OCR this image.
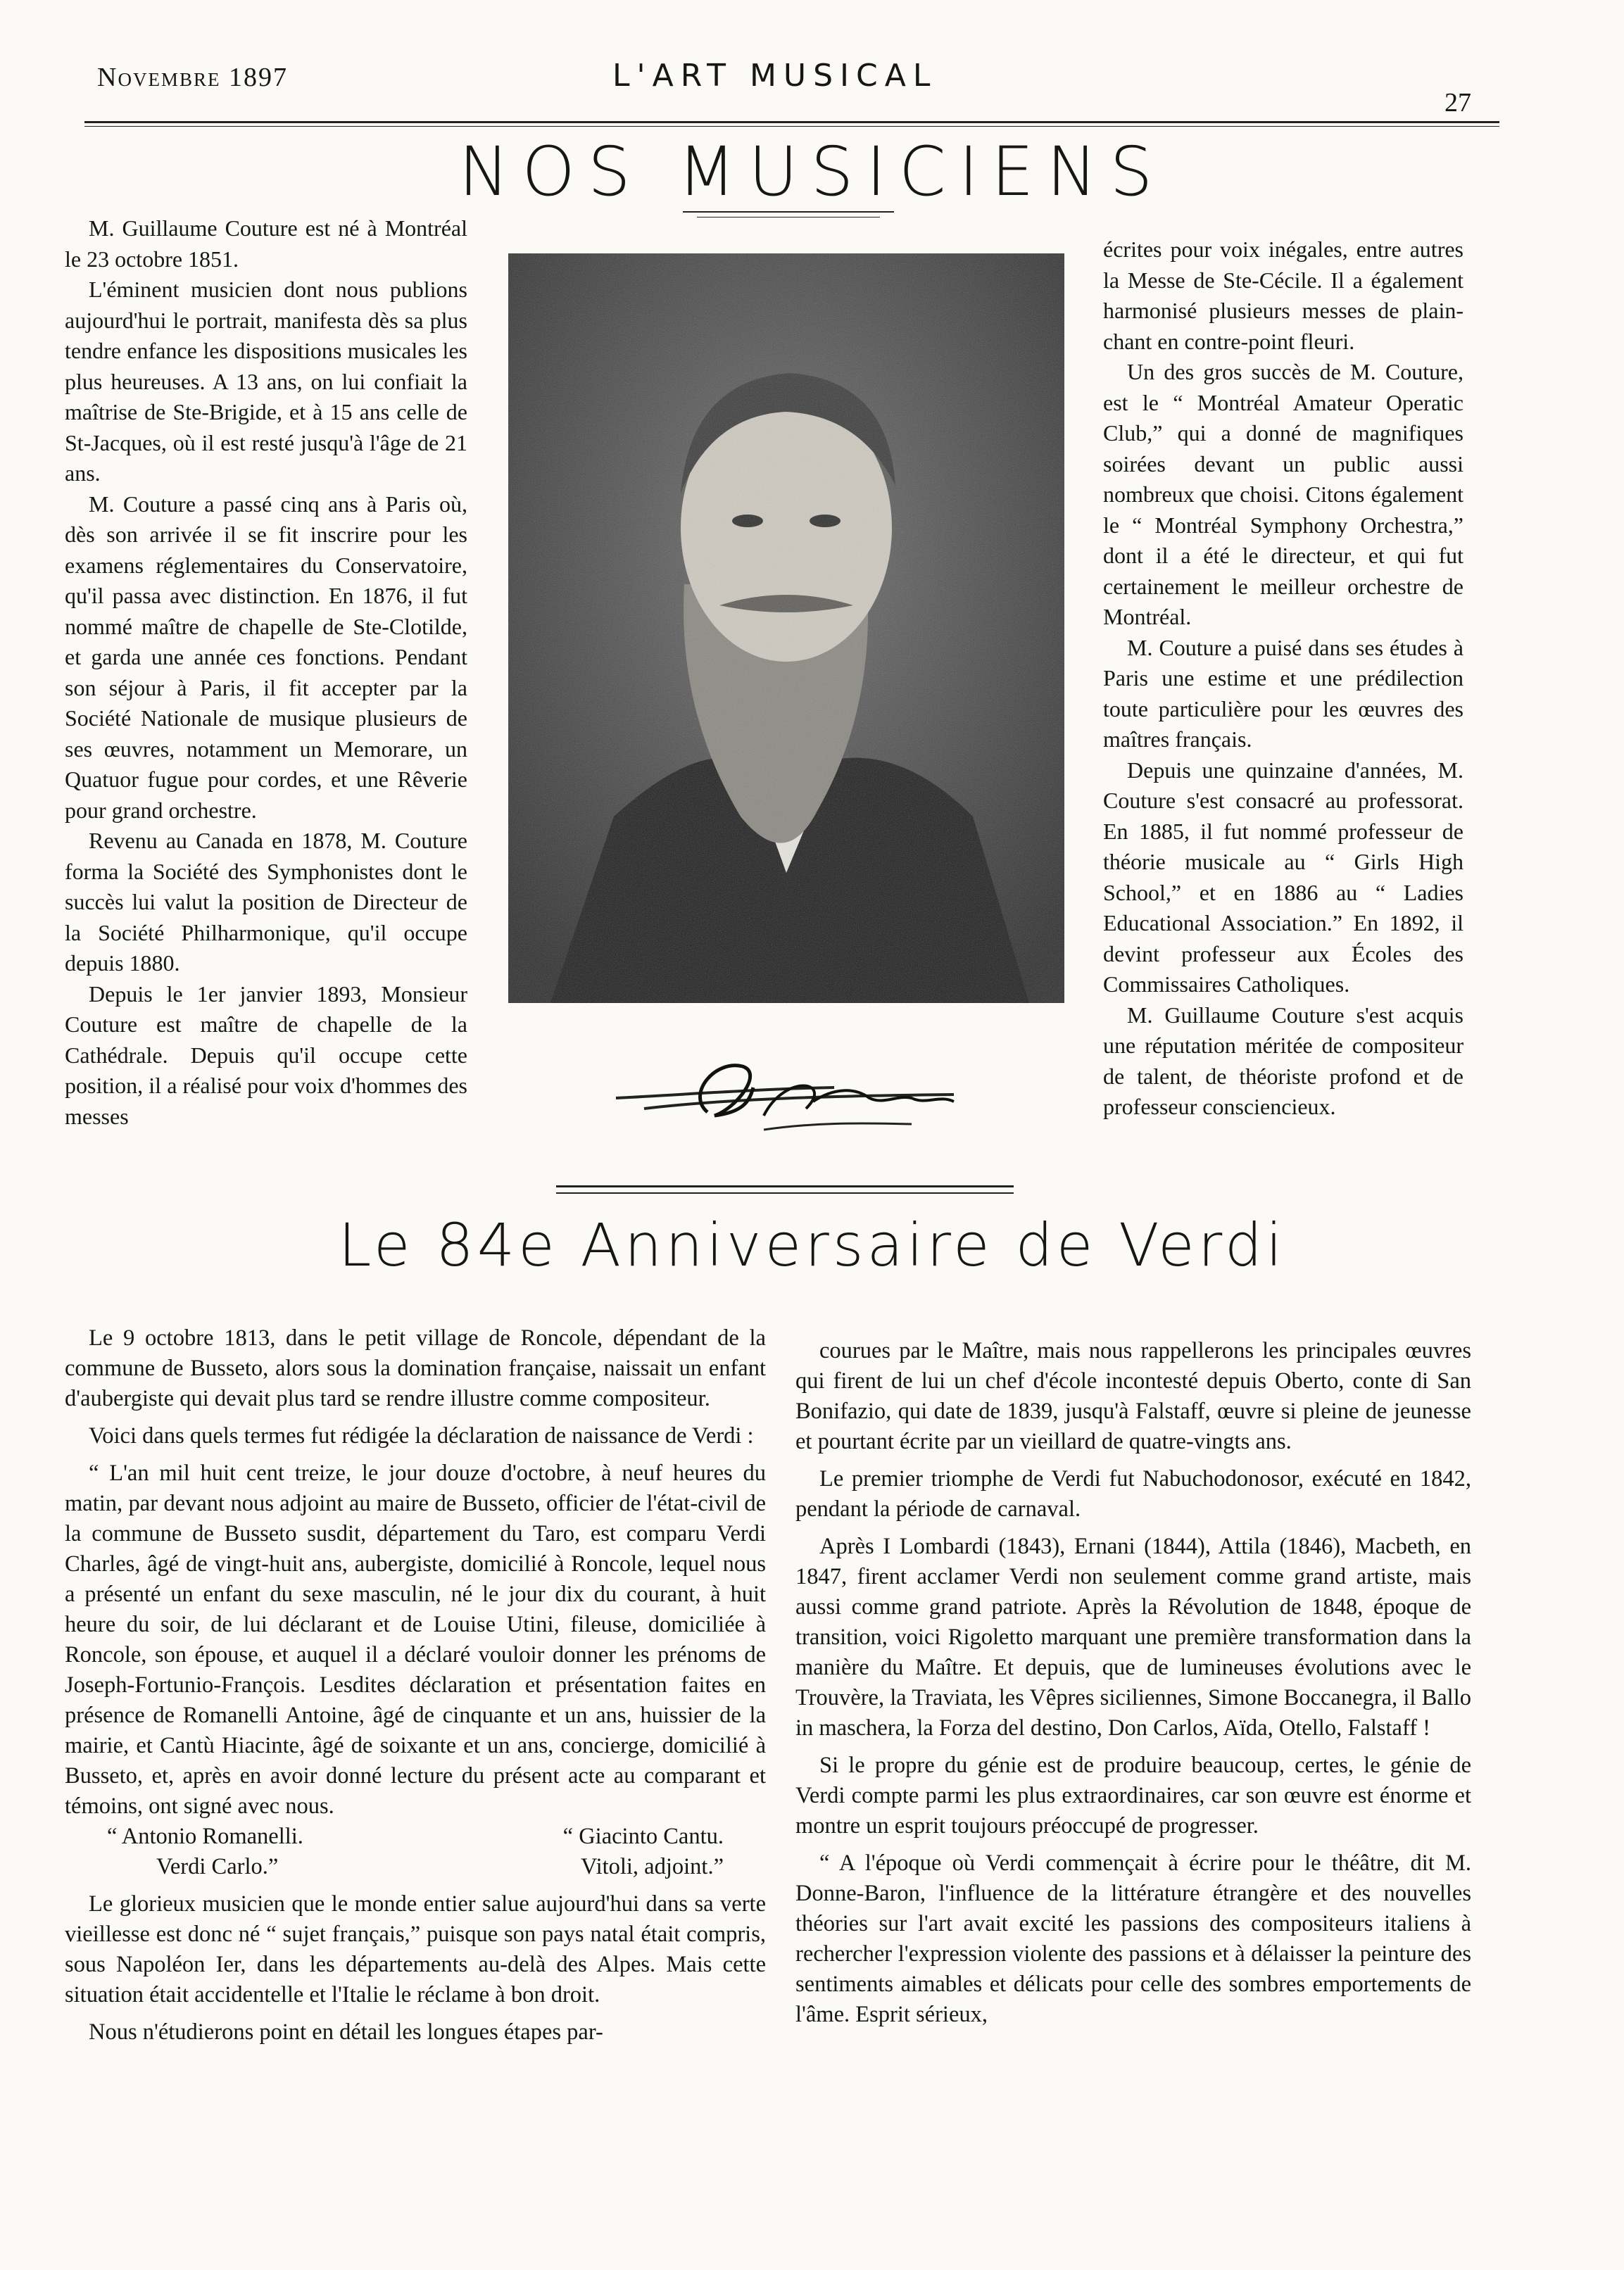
Novembre 1897	L'ART MUSICAL
27
NOS MUSICIENS

M. Guillaume Couture est né à Montréal le 23 octobre 1851.

L'éminent musicien dont nous publions aujourd'hui le portrait, manifesta dès sa plus tendre enfance les dispositions musicales les plus heureuses. A 13 ans, on lui confiait la maîtrise de Ste-Brigide, et à 15 ans celle de St-Jacques, où il est resté jusqu'à l'âge de 21 ans.

M. Couture a passé cinq ans à Paris où, dès son arrivée il se fit inscrire pour les examens réglementaires du Conservatoire, qu'il passa avec distinction. En 1876, il fut nommé maître de chapelle de Ste-Clotilde, et garda une année ces fonctions. Pendant son séjour à Paris, il fit accepter par la Société Nationale de musique plusieurs de ses œuvres, notamment un Memorare, un Quatuor fugue pour cordes, et une Rêverie pour grand orchestre.

Revenu au Canada en 1878, M. Couture forma la Société des Symphonistes dont le succès lui valut la position de Directeur de la Société Philharmonique, qu'il occupe depuis 1880.

Depuis le 1er janvier 1893, Monsieur Couture est maître de chapelle de la Cathédrale. Depuis qu'il occupe cette position, il a réalisé pour voix d'hommes des messes

écrites pour voix inégales, entre autres la Messe de Ste-Cécile. Il a également harmonisé plusieurs messes de plain-chant en contre-point fleuri.

Un des gros succès de M. Couture, est le “ Montréal Amateur Operatic Club,” qui a donné de magnifiques soirées devant un public aussi nombreux que choisi. Citons également le “ Montréal Symphony Orchestra,” dont il a été le directeur, et qui fut certainement le meilleur orchestre de Montréal.

M. Couture a puisé dans ses études à Paris une estime et une prédilection toute particulière pour les œuvres des maîtres français.

Depuis une quinzaine d'années, M. Couture s'est consacré au professorat. En 1885, il fut nommé professeur de théorie musicale au “ Girls High School,” et en 1886 au “ Ladies Educational Association.” En 1892, il devint professeur aux Écoles des Commissaires Catholiques.

M. Guillaume Couture s'est acquis une réputation méritée de compositeur de talent, de théoriste profond et de professeur consciencieux.

Le 84e Anniversaire de Verdi

Le 9 octobre 1813, dans le petit village de Roncole, dépendant de la commune de Busseto, alors sous la domination française, naissait un enfant d'aubergiste qui devait plus tard se rendre illustre comme compositeur.

Voici dans quels termes fut rédigée la déclaration de naissance de Verdi :

“ L'an mil huit cent treize, le jour douze d'octobre, à neuf heures du matin, par devant nous adjoint au maire de Busseto, officier de l'état-civil de la commune de Busseto susdit, département du Taro, est comparu Verdi Charles, âgé de vingt-huit ans, aubergiste, domicilié à Roncole, lequel nous a présenté un enfant du sexe masculin, né le jour dix du courant, à huit heure du soir, de lui déclarant et de Louise Utini, fileuse, domiciliée à Roncole, son épouse, et auquel il a déclaré vouloir donner les prénoms de Joseph-Fortunio-François. Lesdites déclaration et présentation faites en présence de Romanelli Antoine, âgé de cinquante et un ans, huissier de la mairie, et Cantù Hiacinte, âgé de soixante et un ans, concierge, domicilié à Busseto, et, après en avoir donné lecture du présent acte au comparant et témoins, ont signé avec nous.

“ Antonio Romanelli.	“ Giacinto Cantu.
Verdi Carlo.”	Vitoli, adjoint.”

Le glorieux musicien que le monde entier salue aujourd'hui dans sa verte vieillesse est donc né “ sujet français,” puisque son pays natal était compris, sous Napoléon Ier, dans les départements au-delà des Alpes. Mais cette situation était accidentelle et l'Italie le réclame à bon droit.

Nous n'étudierons point en détail les longues étapes par-

courues par le Maître, mais nous rappellerons les principales œuvres qui firent de lui un chef d'école incontesté depuis Oberto, conte di San Bonifazio, qui date de 1839, jusqu'à Falstaff, œuvre si pleine de jeunesse et pourtant écrite par un vieillard de quatre-vingts ans.

Le premier triomphe de Verdi fut Nabuchodonosor, exécuté en 1842, pendant la période de carnaval.

Après I Lombardi (1843), Ernani (1844), Attila (1846), Macbeth, en 1847, firent acclamer Verdi non seulement comme grand artiste, mais aussi comme grand patriote. Après la Révolution de 1848, époque de transition, voici Rigoletto marquant une première transformation dans la manière du Maître. Et depuis, que de lumineuses évolutions avec le Trouvère, la Traviata, les Vêpres siciliennes, Simone Boccanegra, il Ballo in maschera, la Forza del destino, Don Carlos, Aïda, Otello, Falstaff !

Si le propre du génie est de produire beaucoup, certes, le génie de Verdi compte parmi les plus extraordinaires, car son œuvre est énorme et montre un esprit toujours préoccupé de progresser.

“ A l'époque où Verdi commençait à écrire pour le théâtre, dit M. Donne-Baron, l'influence de la littérature étrangère et des nouvelles théories sur l'art avait excité les passions des compositeurs italiens à rechercher l'expression violente des passions et à délaisser la peinture des sentiments aimables et délicats pour celle des sombres emportements de l'âme. Esprit sérieux,
